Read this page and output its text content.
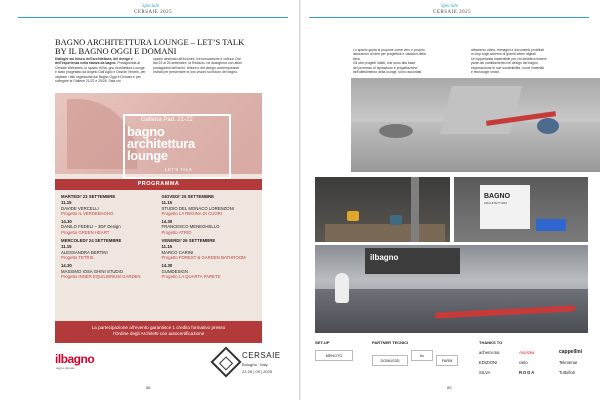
Speciale
CERSAIE 2025
BAGNO ARCHITETTURA LOUNGE – LET’S TALK
BY IL BAGNO OGGI E DOMANI
Dialoghi sul futuro dell’architettura, del design e dell’esperienza nella stanza da bagno. Protagonista al Cersaie Welrstans, lo spazio di Ba- gno Architettura Lounge e stato progettato da Angelo Dall’Aglio e Davide Vercelli, per ospitare i talk organizzati dal Bagno Oggi e Domani e per collegare le Gallerie 21/22 e 25/26. Sala uni
spazio destinato all’incontro, tra innovazione e cultura. Dal dal 23 al 26 settembre, la Redazio- ne dialoghera con attori protagonisti dell’archi- tettura e del design contemporanei invitati per presentare le loro visioni sul futuro del bagno.
Galleria Pad. 21-22
bagno
architettura
lounge
LET’S TALK
PROGRAMMA
MARTEDI’ 23 SETTEMBRE
11.15
DAVIDE VERCELLI
Progetto IL VERDEBAGNO
14.30
DANILO FEDELI – 3DF Design
Progetto GREEN HEART
MERCOLEDI’ 24 SETTEMBRE
11.15
ALESSANDRA BERTINI
Progetto TETRIS
14.30
MASSIMO IOSA GHINI STUDIO
Progetto INNER EQUILIBRIUM GARDEN
GIOVEDI’ 25 SETTEMBRE
11.15
STUDIO DEL MONACO LORENZONI
Progetto LA REGINA DI CUORI
14.30
FRANCESCO MENEGHELLO
Progetto ATRIO
VENERDI’ 26 SETTEMBRE
11.15
MARCO CARINI
Progetto FOREST & GARDEN BATHROOM
14.30
GUMDESIGN
Progetto LA QUARTA PARETE
La partecipazione all’evento garantisce 1 credito formativo presso
l’Ordine degli Architetti con autocertificazione
ilbagno
oggi e domani
CERSAIE
Bologna · Italy
22-26 | 09 | 2025
88
Speciale
CERSAIE 2025
Lo spazio guida si propone come vero e proprio
laboratorio di idee per progettisti e visitatori della
fiera.
Gli otto progetti infatti, che sono alla base
del processo di ispirazione e progettazione
dell’allestimento della lounge, sono raccontati
attraverso video, immagini e documenti proiettati
in loop sugli schermi di grandi totem digitali.
Un’opportunita imperdibile per chi desidera essere
parte del cambiamento nel design del bagno,
esplorandone le sue sostenibilita, nuovi materiali
e tecnologie smart.
BAGNO
ARCHITETTURA
ilbagno
SET-UP	PARTNER TECNICI	THANKS TO
MENOTO
DOMUS3D
tic
FARM
achemi.ma	Ariostea	cappellini
EDIZIONI	cielo	Teknomar
SILVA	RODA	Tuttofiori
89
